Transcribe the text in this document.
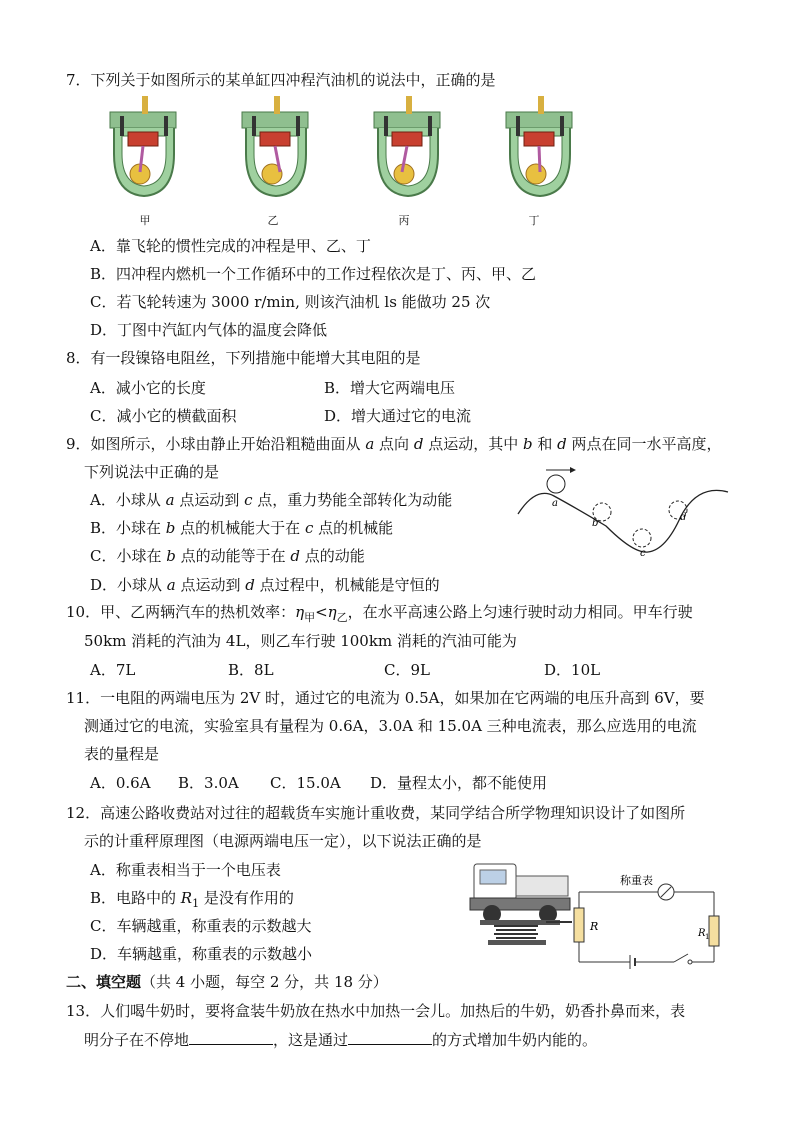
7．下列关于如图所示的某单缸四冲程汽油机的说法中，正确的是
甲	乙	丙	丁
A．靠飞轮的惯性完成的冲程是甲、乙、丁
B．四冲程内燃机一个工作循环中的工作过程依次是丁、丙、甲、乙
C．若飞轮转速为 3000 r/min, 则该汽油机 ls 能做功 25 次
D．丁图中汽缸内气体的温度会降低
8．有一段镍铬电阻丝，下列措施中能增大其电阻的是
A．减小它的长度	B．增大它两端电压
C．减小它的横截面积	D．增大通过它的电流
9．如图所示，小球由静止开始沿粗糙曲面从 a 点向 d 点运动，其中 b 和 d 两点在同一水平高度，
下列说法中正确的是
A．小球从 a 点运动到 c 点，重力势能全部转化为动能
B．小球在 b 点的机械能大于在 c 点的机械能
C．小球在 b 点的动能等于在 d 点的动能
D．小球从 a 点运动到 d 点过程中，机械能是守恒的
a
b
c
d
10．甲、乙两辆汽车的热机效率：$\eta_甲<\eta_乙$，在水平高速公路上匀速行驶时动力相同。甲车行驶
50km 消耗的汽油为 4L，则乙车行驶 100km 消耗的汽油可能为
A．7L	B．8L	C．9L	D．10L
11．一电阻的两端电压为 2V 时，通过它的电流为 0.5A，如果加在它两端的电压升高到 6V，要
测通过它的电流，实验室具有量程为 0.6A，3.0A 和 15.0A 三种电流表，那么应选用的电流
表的量程是
A．0.6A B．3.0A C．15.0A D．量程太小，都不能使用
12．高速公路收费站对过往的超载货车实施计重收费，某同学结合所学物理知识设计了如图所
示的计重秤原理图（电源两端电压一定），以下说法正确的是
A．称重表相当于一个电压表
B．电路中的 $R_1$ 是没有作用的
C．车辆越重，称重表的示数越大
D．车辆越重，称重表的示数越小
称重表
R
R 1
二、填空题（共 4 小题，每空 2 分，共 18 分）
13．人们喝牛奶时，要将盒装牛奶放在热水中加热一会儿。加热后的牛奶，奶香扑鼻而来，表
明分子在不停地	，这是通过	的方式增加牛奶内能的。
